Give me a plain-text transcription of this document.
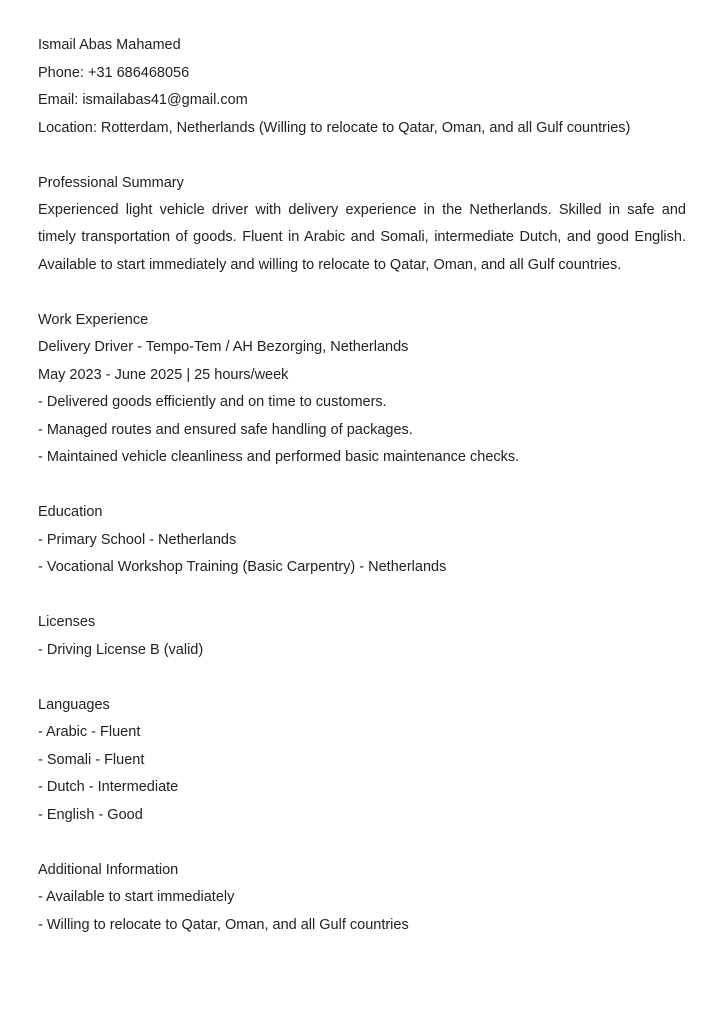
Ismail Abas Mahamed
Phone: +31 686468056
Email: ismailabas41@gmail.com
Location: Rotterdam, Netherlands (Willing to relocate to Qatar, Oman, and all Gulf countries)
Professional Summary

Experienced light vehicle driver with delivery experience in the Netherlands. Skilled in safe and timely transportation of goods. Fluent in Arabic and Somali, intermediate Dutch, and good English. Available to start immediately and willing to relocate to Qatar, Oman, and all Gulf countries.

Work Experience
Delivery Driver - Tempo-Tem / AH Bezorging, Netherlands
May 2023 - June 2025 | 25 hours/week
- Delivered goods efficiently and on time to customers.
- Managed routes and ensured safe handling of packages.
- Maintained vehicle cleanliness and performed basic maintenance checks.
Education
- Primary School - Netherlands
- Vocational Workshop Training (Basic Carpentry) - Netherlands
Licenses
- Driving License B (valid)
Languages
- Arabic - Fluent
- Somali - Fluent
- Dutch - Intermediate
- English - Good
Additional Information
- Available to start immediately
- Willing to relocate to Qatar, Oman, and all Gulf countries
